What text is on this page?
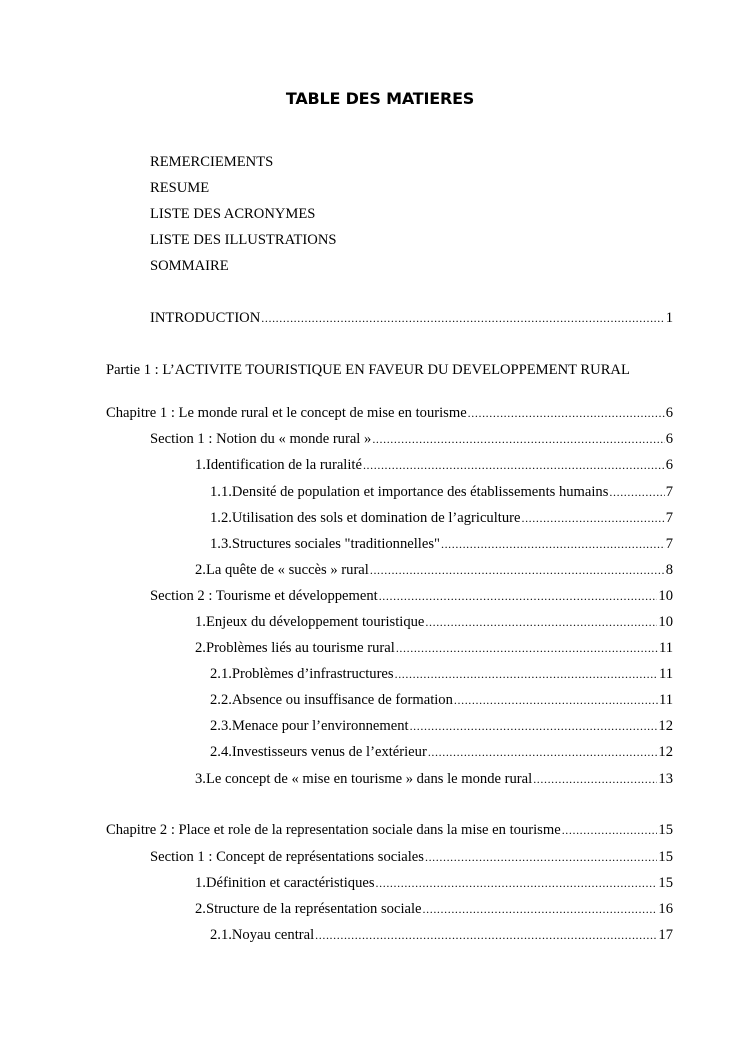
TABLE DES MATIERES
REMERCIEMENTS
RESUME
LISTE DES ACRONYMES
LISTE DES ILLUSTRATIONS
SOMMAIRE
INTRODUCTION .....	1
Partie 1 : L’ACTIVITE TOURISTIQUE EN FAVEUR DU DEVELOPPEMENT RURAL
Chapitre 1 : Le monde rural et le concept de mise en tourisme .....	6
Section 1 : Notion du « monde rural » .....	6
1. Identification de la ruralité .....	6
1.1. Densité de population et importance des établissements humains .....	7
1.2. Utilisation des sols et domination de l’agriculture .....	7
1.3. Structures sociales "traditionnelles" .....	7
2. La quête de « succès » rural .....	8
Section 2 : Tourisme et développement .....	10
1. Enjeux du développement touristique .....	10
2. Problèmes liés au tourisme rural .....	11
2.1. Problèmes d’infrastructures .....	11
2.2. Absence ou insuffisance de formation .....	11
2.3. Menace pour l’environnement .....	12
2.4. Investisseurs venus de l’extérieur .....	12
3. Le concept de « mise en tourisme » dans le monde rural .....	13
Chapitre 2 : Place et role de la representation sociale dans la mise en tourisme .....	15
Section 1 : Concept de représentations sociales .....	15
1. Définition et caractéristiques .....	15
2. Structure de la représentation sociale .....	16
2.1. Noyau central .....	17
